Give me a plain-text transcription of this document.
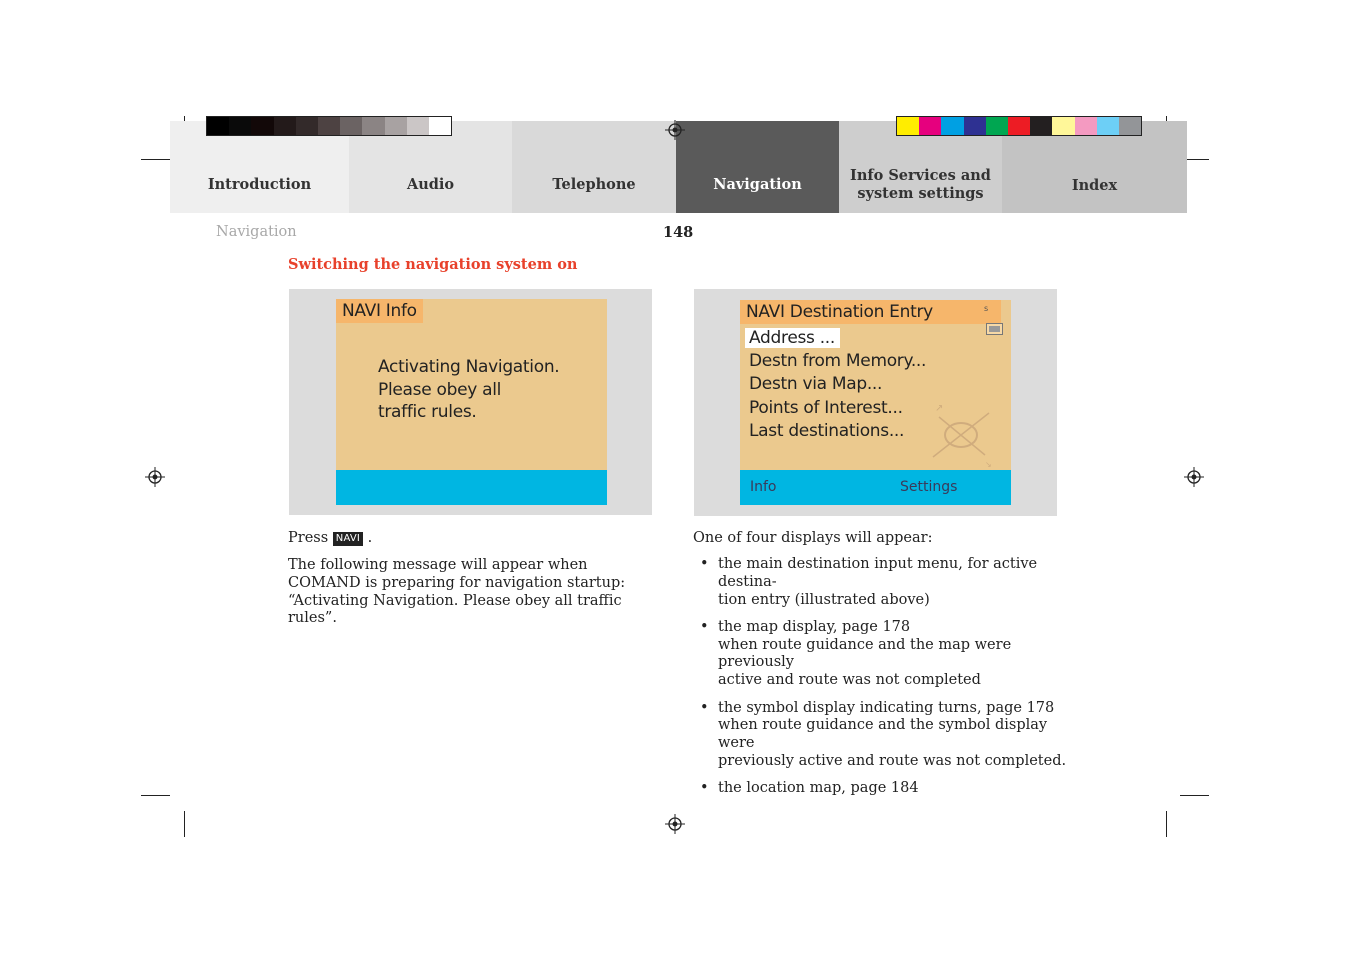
Introduction	Audio	Telephone	Navigation
Info Services and
system settings	Index
Navigation	148
Switching the navigation system on
NAVI Info
Activating Navigation.
Please obey all
traffic rules.
NAVI Destination Entry	s
↗
↘
Address ...
Destn from Memory...
Destn via Map...
Points of Interest...
Last destinations...
Info	Settings
Press NAVI .
The following message will appear when COMAND is preparing for navigation startup: “Activating Navigation. Please obey all traffic rules”.
One of four displays will appear:
• the main destination input menu, for active destina-
tion entry (illustrated above)
• the map display, page 178
when route guidance and the map were previously
active and route was not completed
• the symbol display indicating turns, page 178
when route guidance and the symbol display were
previously active and route was not completed.
• the location map, page 184
